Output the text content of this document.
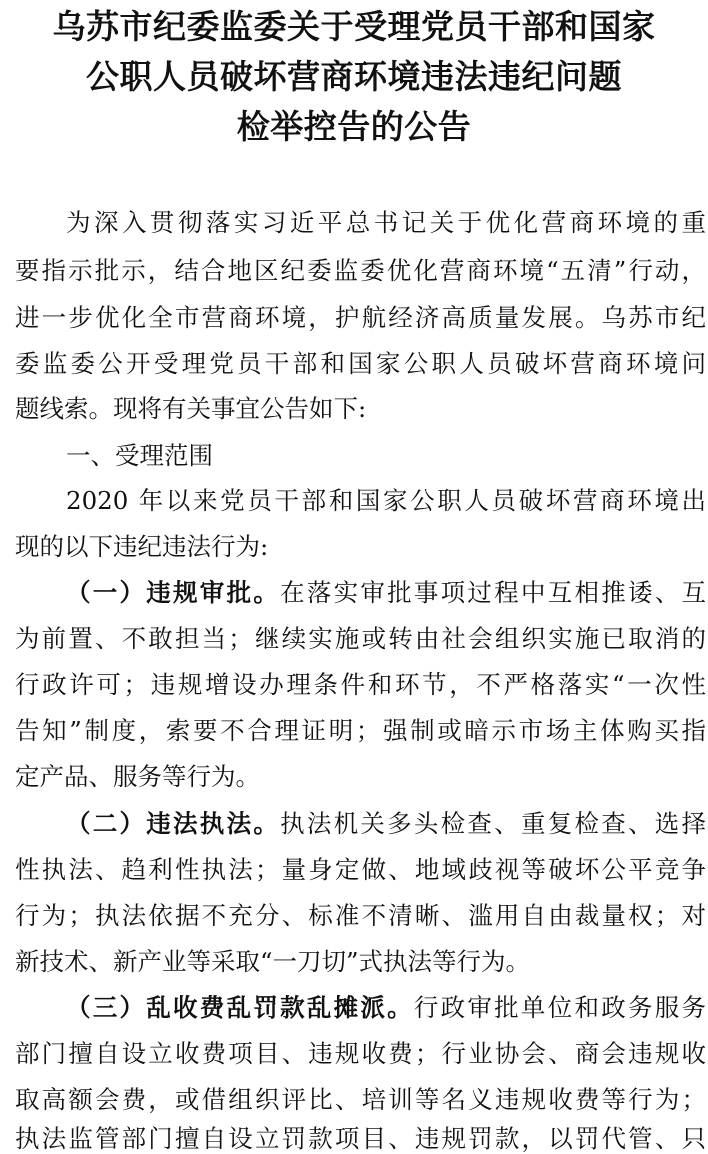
乌苏市纪委监委关于受理党员干部和国家
公职人员破坏营商环境违法违纪问题
检举控告的公告
为深入贯彻落实习近平总书记关于优化营商环境的重
要指示批示，结合地区纪委监委优化营商环境“五清”行动，
进一步优化全市营商环境，护航经济高质量发展。乌苏市纪
委监委公开受理党员干部和国家公职人员破坏营商环境问
题线索。现将有关事宜公告如下:
一、受理范围
2020 年以来党员干部和国家公职人员破坏营商环境出
现的以下违纪违法行为:
（一）违规审批。在落实审批事项过程中互相推诿、互
为前置、不敢担当；继续实施或转由社会组织实施已取消的
行政许可；违规增设办理条件和环节，不严格落实“一次性
告知”制度，索要不合理证明；强制或暗示市场主体购买指
定产品、服务等行为。
（二）违法执法。执法机关多头检查、重复检查、选择
性执法、趋利性执法；量身定做、地域歧视等破坏公平竞争
行为；执法依据不充分、标准不清晰、滥用自由裁量权；对
新技术、新产业等采取“一刀切”式执法等行为。
（三）乱收费乱罚款乱摊派。行政审批单位和政务服务
部门擅自设立收费项目、违规收费；行业协会、商会违规收
取高额会费，或借组织评比、培训等名义违规收费等行为；
执法监管部门擅自设立罚款项目、违规罚款，以罚代管、只
